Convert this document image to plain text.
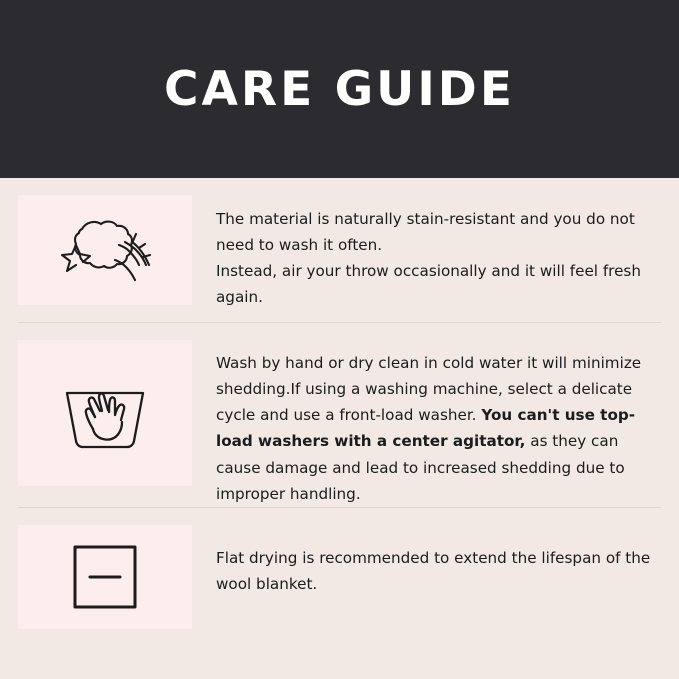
CARE GUIDE

The material is naturally stain-resistant and you do not need to wash it often.

Instead, air your throw occasionally and it will feel fresh again.

Wash by hand or dry clean in cold water it will minimize shedding.If using a washing machine, select a delicate cycle and use a front-load washer. You can't use top-load washers with a center agitator, as they can cause damage and lead to increased shedding due to improper handling.

Flat drying is recommended to extend the lifespan of the wool blanket.
